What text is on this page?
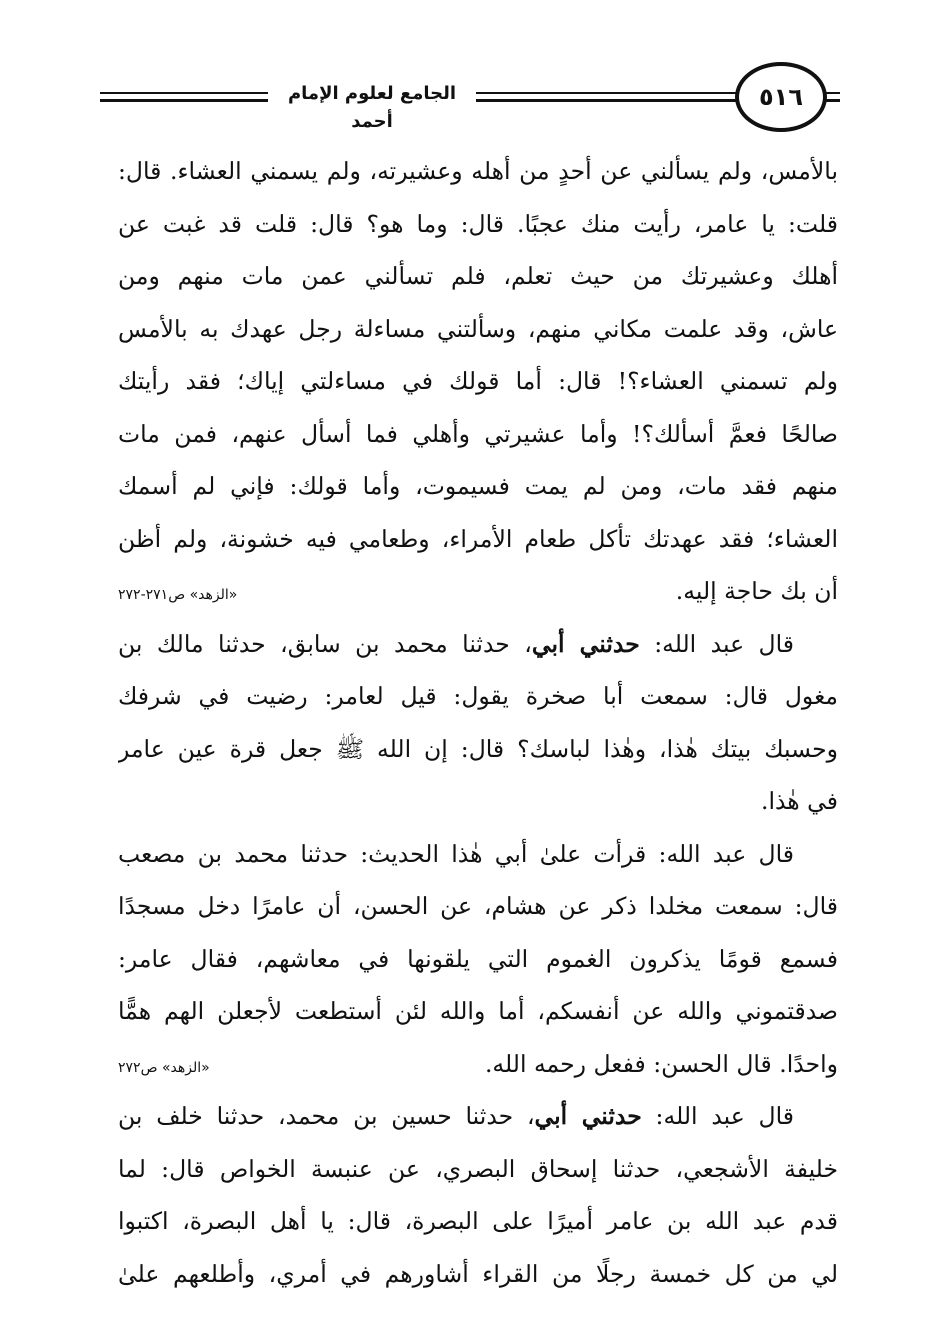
الجامع لعلوم الإمام أحمد
٥١٦
بالأمس، ولم يسألني عن أحدٍ من أهله وعشيرته، ولم يسمني العشاء. قال:
قلت: يا عامر، رأيت منك عجبًا. قال: وما هو؟ قال: قلت قد غبت عن
أهلك وعشيرتك من حيث تعلم، فلم تسألني عمن مات منهم ومن
عاش، وقد علمت مكاني منهم، وسألتني مساءلة رجل عهدك به بالأمس
ولم تسمني العشاء؟! قال: أما قولك في مساءلتي إياك؛ فقد رأيتك
صالحًا فعمَّ أسألك؟! وأما عشيرتي وأهلي فما أسأل عنهم، فمن مات
منهم فقد مات، ومن لم يمت فسيموت، وأما قولك: فإني لم أسمك
العشاء؛ فقد عهدتك تأكل طعام الأمراء، وطعامي فيه خشونة، ولم أظن
أن بك حاجة إليه.
«الزهد» ص٢٧١-٢٧٢
قال عبد الله: حدثني أبي، حدثنا محمد بن سابق، حدثنا مالك بن
مغول قال: سمعت أبا صخرة يقول: قيل لعامر: رضيت في شرفك
وحسبك بيتك هٰذا، وهٰذا لباسك؟ قال: إن الله ﷺ جعل قرة عين عامر
في هٰذا.
قال عبد الله: قرأت علىٰ أبي هٰذا الحديث: حدثنا محمد بن مصعب
قال: سمعت مخلدا ذكر عن هشام، عن الحسن، أن عامرًا دخل مسجدًا
فسمع قومًا يذكرون الغموم التي يلقونها في معاشهم، فقال عامر:
صدقتموني والله عن أنفسكم، أما والله لئن أستطعت لأجعلن الهم همًّا
واحدًا. قال الحسن: ففعل رحمه الله.
«الزهد» ص٢٧٢
قال عبد الله: حدثني أبي، حدثنا حسين بن محمد، حدثنا خلف بن
خليفة الأشجعي، حدثنا إسحاق البصري، عن عنبسة الخواص قال: لما
قدم عبد الله بن عامر أميرًا على البصرة، قال: يا أهل البصرة، اكتبوا
لي من كل خمسة رجلًا من القراء أشاورهم في أمري، وأطلعهم علىٰ
